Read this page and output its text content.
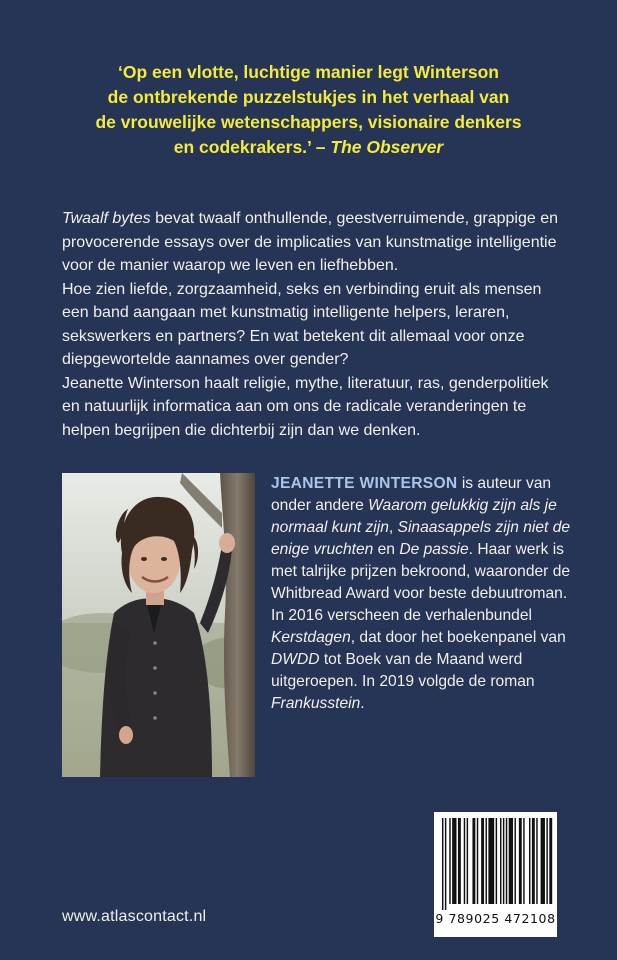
‘Op een vlotte, luchtige manier legt Winterson
de ontbrekende puzzelstukjes in het verhaal van
de vrouwelijke wetenschappers, visionaire denkers
en codekrakers.’ – The Observer

Twaalf bytes bevat twaalf onthullende, geestverruimende, grappige en provocerende essays over de implicaties van kunstmatige intelligentie voor de manier waarop we leven en liefhebben.

Hoe zien liefde, zorgzaamheid, seks en verbinding eruit als mensen een band aangaan met kunstmatig intelligente helpers, leraren, sekswerkers en partners? En wat betekent dit allemaal voor onze diepgewortelde aannames over gender?

Jeanette Winterson haalt religie, mythe, literatuur, ras, genderpolitiek en natuurlijk informatica aan om ons de radicale veranderingen te helpen begrijpen die dichterbij zijn dan we denken.

JEANETTE WINTERSON is auteur van onder andere Waarom gelukkig zijn als je normaal kunt zijn, Sinaasappels zijn niet de enige vruchten en De passie. Haar werk is met talrijke prijzen bekroond, waaronder de Whitbread Award voor beste debuutroman.

In 2016 verscheen de verhalenbundel Kerstdagen, dat door het boekenpanel van DWDD tot Boek van de Maand werd uitgeroepen. In 2019 volgde de roman Frankusstein.

9 789025 472108
www.atlascontact.nl
